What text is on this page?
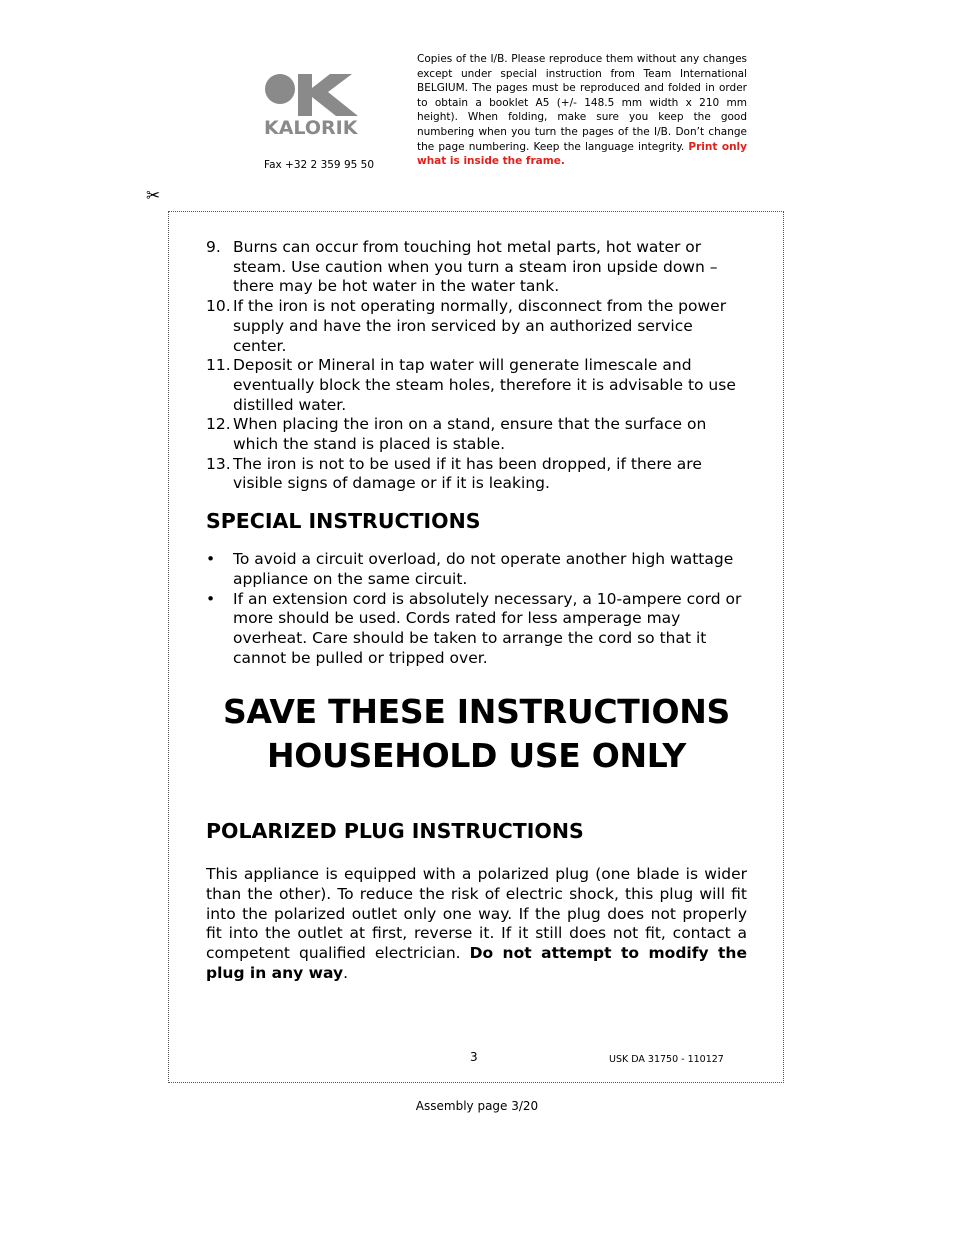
KALORIK
Fax +32 2 359 95 50
Copies of the I/B. Please reproduce them without any changes except under special instruction from Team International BELGIUM. The pages must be reproduced and folded in order to obtain a booklet A5 (+/- 148.5 mm width x 210 mm height). When folding, make sure you keep the good numbering when you turn the pages of the I/B. Don’t change the page numbering. Keep the language integrity. Print only what is inside the frame.
✂
9. Burns can occur from touching hot metal parts, hot water or steam. Use caution when you turn a steam iron upside down – there may be hot water in the water tank.
10. If the iron is not operating normally, disconnect from the power supply and have the iron serviced by an authorized service center.
11. Deposit or Mineral in tap water will generate limescale and eventually block the steam holes, therefore it is advisable to use distilled water.
12. When placing the iron on a stand, ensure that the surface on which the stand is placed is stable.
13. The iron is not to be used if it has been dropped, if there are visible signs of damage or if it is leaking.
SPECIAL INSTRUCTIONS
• To avoid a circuit overload, do not operate another high wattage appliance on the same circuit.
• If an extension cord is absolutely necessary, a 10-ampere cord or more should be used. Cords rated for less amperage may overheat. Care should be taken to arrange the cord so that it cannot be pulled or tripped over.
SAVE THESE INSTRUCTIONS
HOUSEHOLD USE ONLY
POLARIZED PLUG INSTRUCTIONS
This appliance is equipped with a polarized plug (one blade is wider than the other). To reduce the risk of electric shock, this plug will fit into the polarized outlet only one way. If the plug does not properly fit into the outlet at first, reverse it. If it still does not fit, contact a competent qualified electrician. Do not attempt to modify the plug in any way.
3	USK DA 31750 - 110127
Assembly page 3/20
